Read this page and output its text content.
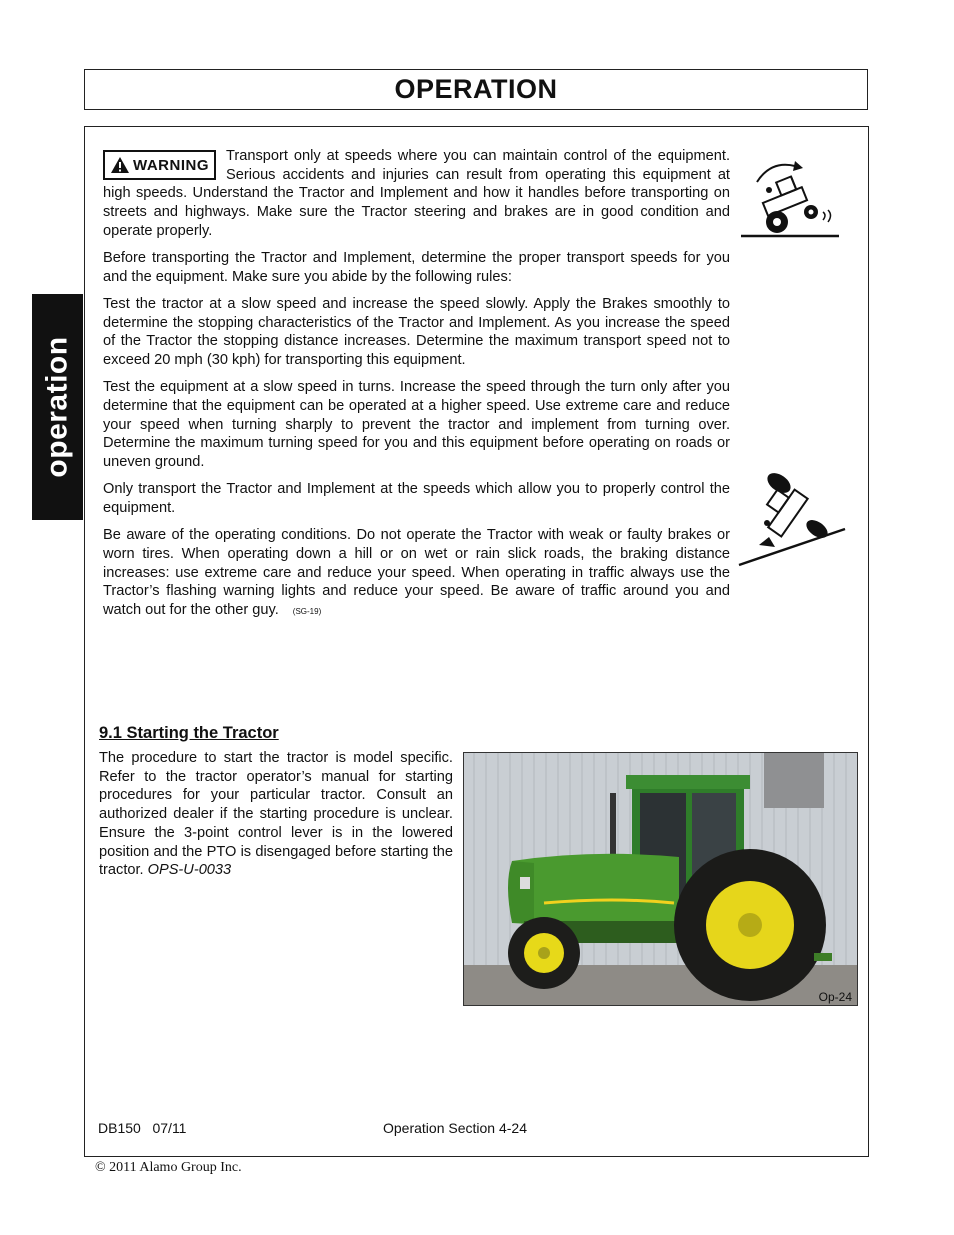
OPERATION
operation
WARNING

Transport only at speeds where you can maintain control of the equipment. Serious accidents and injuries can result from operating this equipment at high speeds. Understand the Tractor and Implement and how it handles before transporting on streets and highways. Make sure the Tractor steering and brakes are in good condition and operate properly.

Before transporting the Tractor and Implement, determine the proper transport speeds for you and the equipment. Make sure you abide by the following rules:

Test the tractor at a slow speed and increase the speed slowly. Apply the Brakes smoothly to determine the stopping characteristics of the Tractor and Implement. As you increase the speed of the Tractor the stopping distance increases. Determine the maximum transport speed not to exceed 20 mph (30 kph) for transporting this equipment.

Test the equipment at a slow speed in turns. Increase the speed through the turn only after you determine that the equipment can be operated at a higher speed. Use extreme care and reduce your speed when turning sharply to prevent the tractor and implement from turning over. Determine the maximum turning speed for you and this equipment before operating on roads or uneven ground.

Only transport the Tractor and Implement at the speeds which allow you to properly control the equipment.

Be aware of the operating conditions. Do not operate the Tractor with weak or faulty brakes or worn tires. When operating down a hill or on wet or rain slick roads, the braking distance increases: use extreme care and reduce your speed. When operating in traffic always use the Tractor’s flashing warning lights and reduce your speed. Be aware of traffic around you and watch out for the other guy. (SG-19)

9.1 Starting the Tractor

The procedure to start the tractor is model specific. Refer to the tractor operator’s manual for starting procedures for your particular tractor. Consult an authorized dealer if the starting procedure is unclear. Ensure the 3-point control lever is in the lowered position and the PTO is disengaged before starting the tractor. OPS-U-0033

Op-24
DB150   07/11	Operation Section 4-24
© 2011 Alamo Group Inc.
